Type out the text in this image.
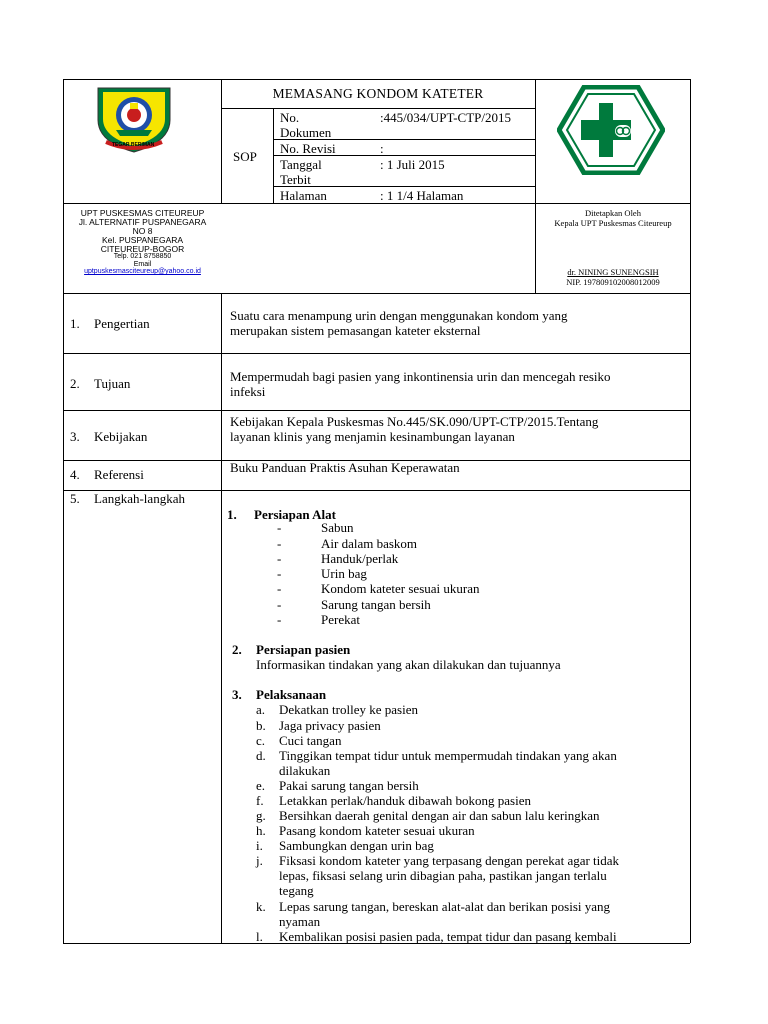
TEGAR BERIMAN
MEMASANG KONDOM KATETER
SOP
No.
Dokumen
:445/034/UPT-CTP/2015
No. Revisi	:
Tanggal
Terbit
: 1 Juli 2015
Halaman	: 1 1/4 Halaman
UPT PUSKESMAS CITEUREUP
Jl. ALTERNATIF PUSPANEGARA
NO 8
Kel. PUSPANEGARA
CITEUREUP-BOGOR
Telp. 021 8758850
Email
uptpuskesmasciteureup@yahoo.co.id
Ditetapkan Oleh
Kepala UPT Puskesmas Citeureup
dr. NINING SUNENGSIH
NIP. 197809102008012009
1. Pengertian
Suatu cara menampung urin dengan menggunakan kondom yang
merupakan sistem pemasangan kateter eksternal
2. Tujuan	Mempermudah bagi pasien yang inkontinensia urin dan mencegah resiko
infeksi
3. Kebijakan
Kebijakan Kepala Puskesmas No.445/SK.090/UPT-CTP/2015.Tentang
layanan klinis yang menjamin kesinambungan layanan
4. Referensi	Buku Panduan Praktis Asuhan Keperawatan
5. Langkah-langkah
1. Persiapan Alat
-	Sabun
-	Air dalam baskom
-	Handuk/perlak
-	Urin bag
-	Kondom kateter sesuai ukuran
-	Sarung tangan bersih
-	Perekat
2. Persiapan pasien
Informasikan tindakan yang akan dilakukan dan tujuannya
3. Pelaksanaan
a. Dekatkan trolley ke pasien
b. Jaga privacy pasien
c. Cuci tangan
d. Tinggikan tempat tidur untuk mempermudah tindakan yang akan
dilakukan
e. Pakai sarung tangan bersih
f. Letakkan perlak/handuk dibawah bokong pasien
g. Bersihkan daerah genital dengan air dan sabun lalu keringkan
h. Pasang kondom kateter sesuai ukuran
i. Sambungkan dengan urin bag
j. Fiksasi kondom kateter yang terpasang dengan perekat agar tidak
lepas, fiksasi selang urin dibagian paha, pastikan jangan terlalu
tegang
k. Lepas sarung tangan, bereskan alat-alat dan berikan posisi yang
nyaman
l. Kembalikan posisi pasien pada, tempat tidur dan pasang kembali
